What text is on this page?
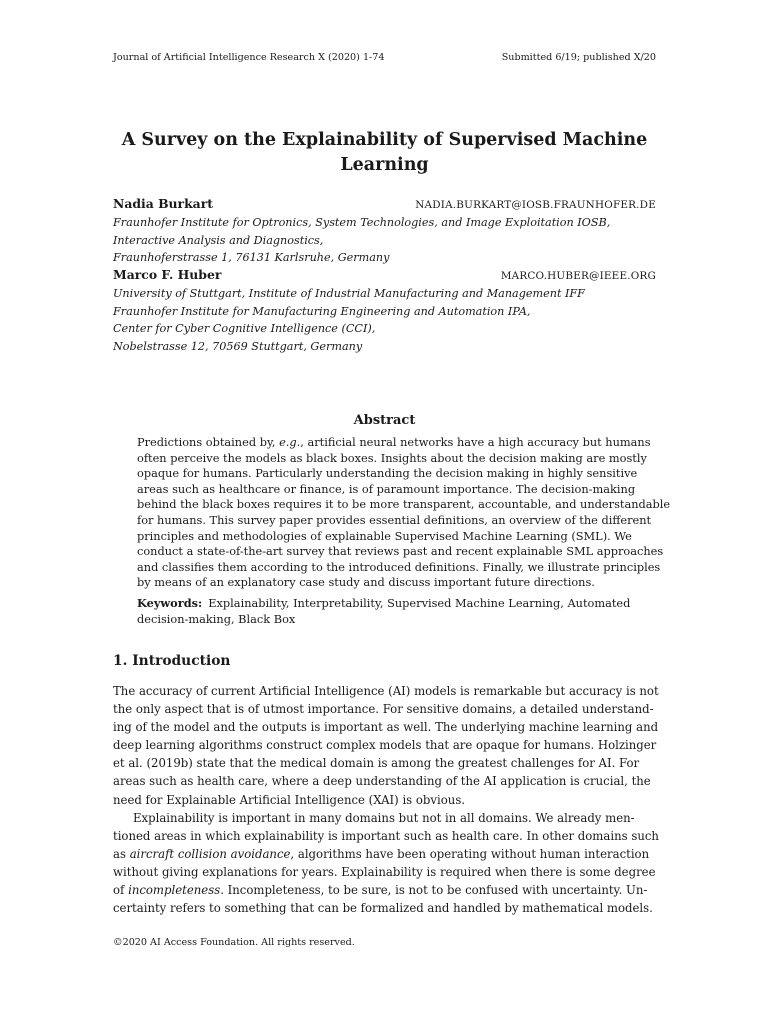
Journal of Artificial Intelligence Research X (2020) 1-74	Submitted 6/19; published X/20
A Survey on the Explainability of Supervised Machine
Learning
Nadia Burkart	NADIA.BURKART@IOSB.FRAUNHOFER.DE
Fraunhofer Institute for Optronics, System Technologies, and Image Exploitation IOSB,
Interactive Analysis and Diagnostics,
Fraunhoferstrasse 1, 76131 Karlsruhe, Germany
Marco F. Huber	MARCO.HUBER@IEEE.ORG
University of Stuttgart, Institute of Industrial Manufacturing and Management IFF
Fraunhofer Institute for Manufacturing Engineering and Automation IPA,
Center for Cyber Cognitive Intelligence (CCI),
Nobelstrasse 12, 70569 Stuttgart, Germany
Abstract
Predictions obtained by, e.g., artificial neural networks have a high accuracy but humans
often perceive the models as black boxes. Insights about the decision making are mostly
opaque for humans. Particularly understanding the decision making in highly sensitive
areas such as healthcare or finance, is of paramount importance. The decision-making
behind the black boxes requires it to be more transparent, accountable, and understandable
for humans. This survey paper provides essential definitions, an overview of the different
principles and methodologies of explainable Supervised Machine Learning (SML). We
conduct a state-of-the-art survey that reviews past and recent explainable SML approaches
and classifies them according to the introduced definitions. Finally, we illustrate principles
by means of an explanatory case study and discuss important future directions.
Keywords: Explainability, Interpretability, Supervised Machine Learning, Automated
decision-making, Black Box
1. Introduction
The accuracy of current Artificial Intelligence (AI) models is remarkable but accuracy is not
the only aspect that is of utmost importance. For sensitive domains, a detailed understand-
ing of the model and the outputs is important as well. The underlying machine learning and
deep learning algorithms construct complex models that are opaque for humans. Holzinger
et al. (2019b) state that the medical domain is among the greatest challenges for AI. For
areas such as health care, where a deep understanding of the AI application is crucial, the
need for Explainable Artificial Intelligence (XAI) is obvious.
Explainability is important in many domains but not in all domains. We already men-
tioned areas in which explainability is important such as health care. In other domains such
as aircraft collision avoidance, algorithms have been operating without human interaction
without giving explanations for years. Explainability is required when there is some degree
of incompleteness. Incompleteness, to be sure, is not to be confused with uncertainty. Un-
certainty refers to something that can be formalized and handled by mathematical models.
©2020 AI Access Foundation. All rights reserved.
